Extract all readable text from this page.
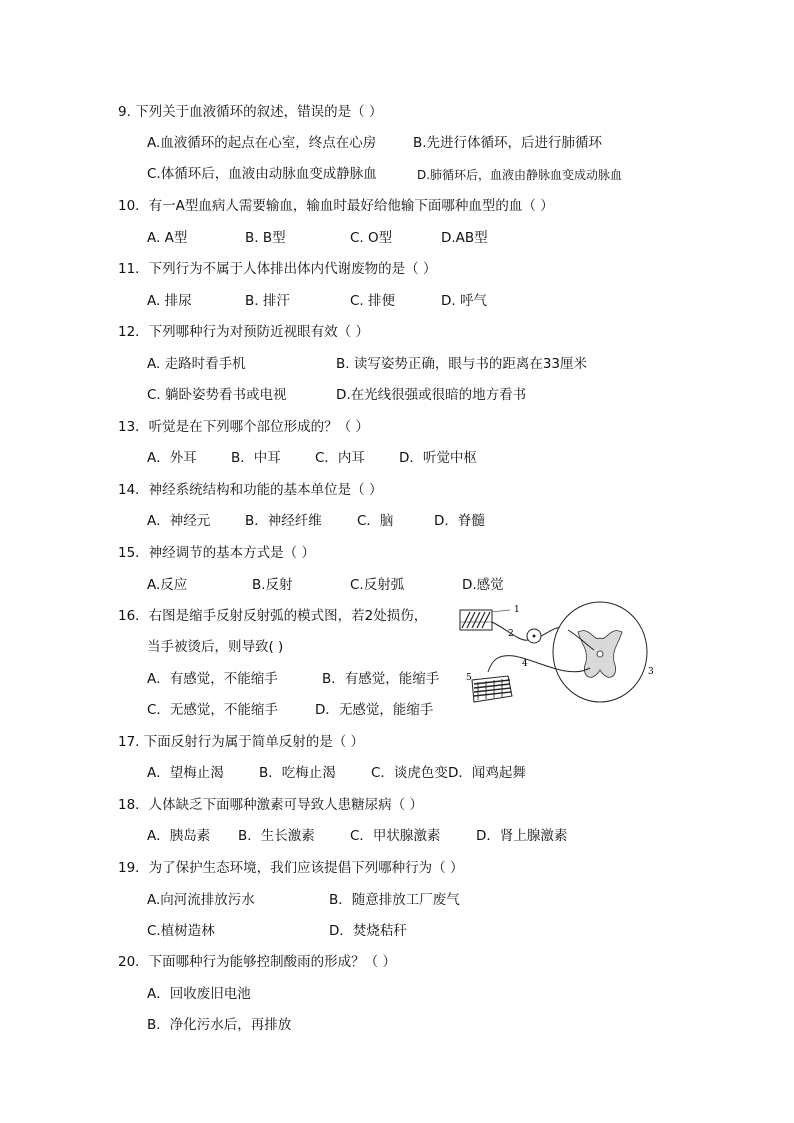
9. 下列关于血液循环的叙述，错误的是（ ）
A.血液循环的起点在心室，终点在心房	B.先进行体循环，后进行肺循环
C.体循环后，血液由动脉血变成静脉血	D.肺循环后，血液由静脉血变成动脉血
10．有一A型血病人需要输血，输血时最好给他输下面哪种血型的血（ ）
A. A型	B. B型	C. O型	D.AB型
11．下列行为不属于人体排出体内代谢废物的是（ ）
A. 排尿	B. 排汗	C. 排便	D. 呼气
12．下列哪种行为对预防近视眼有效（ ）
A. 走路时看手机	B. 读写姿势正确，眼与书的距离在33厘米
C. 躺卧姿势看书或电视	D.在光线很强或很暗的地方看书
13．听觉是在下列哪个部位形成的？（ ）
A．外耳	B．中耳	C．内耳	D．听觉中枢
14．神经系统结构和功能的基本单位是（ ）
A．神经元	B．神经纤维	C．脑	D．脊髓
15．神经调节的基本方式是（ ）
A.反应	B.反射	C.反射弧	D.感觉
16．右图是缩手反射反射弧的模式图，若2处损伤，
当手被烫后，则导致( )
A．有感觉，不能缩手	B．有感觉，能缩手
C．无感觉，不能缩手	D．无感觉，能缩手
1
2
3
4
5
17. 下面反射行为属于简单反射的是（ ）
A．望梅止渴	B．吃梅止渴	C．谈虎色变 D．闻鸡起舞
18．人体缺乏下面哪种激素可导致人患糖尿病（ ）
A．胰岛素 B．生长激素	C．甲状腺激素	D．肾上腺激素
19．为了保护生态环境，我们应该提倡下列哪种行为（ ）
A.向河流排放污水	B．随意排放工厂废气
C.植树造林	D．焚烧秸秆
20．下面哪种行为能够控制酸雨的形成？（ ）
A．回收废旧电池
B．净化污水后，再排放
